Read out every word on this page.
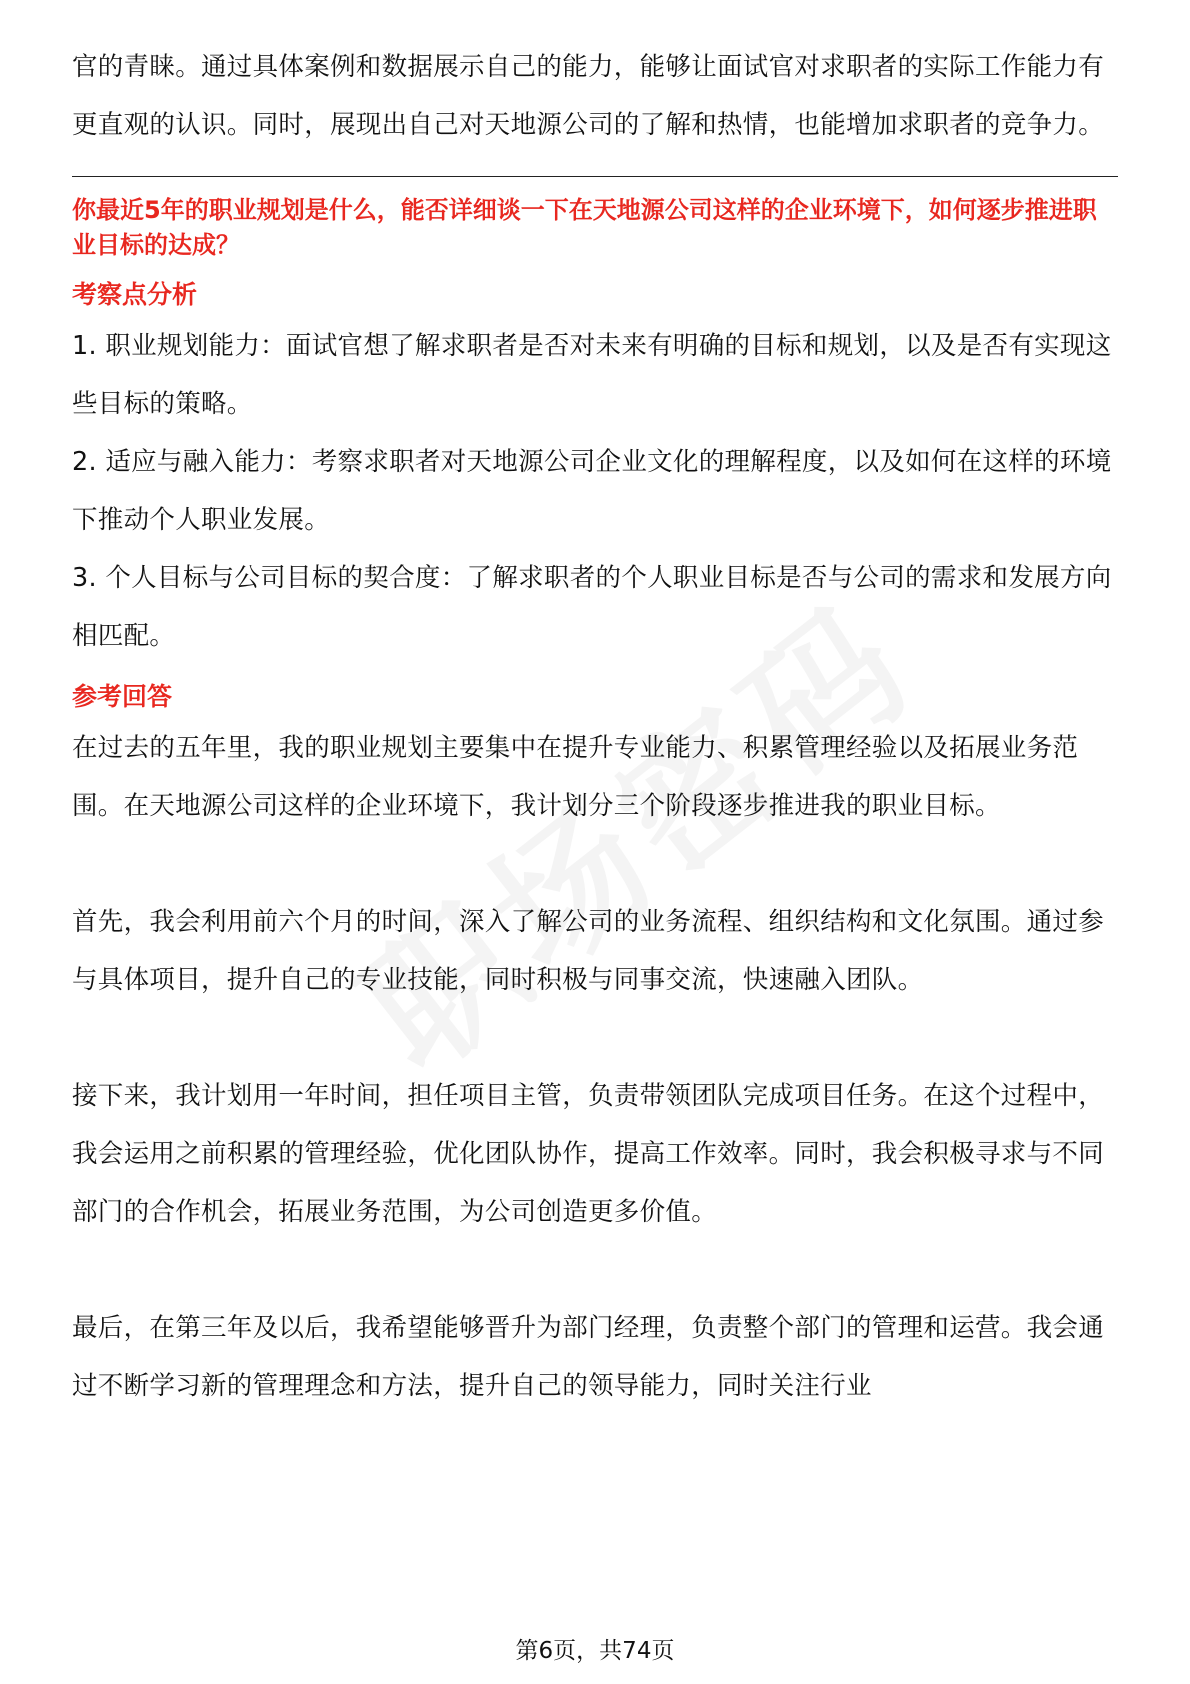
官的青睐。通过具体案例和数据展示自己的能力，能够让面试官对求职者的实际工作能力有更直观的认识。同时，展现出自己对天地源公司的了解和热情，也能增加求职者的竞争力。

你最近5年的职业规划是什么，能否详细谈一下在天地源公司这样的企业环境下，如何逐步推进职业目标的达成？

考察点分析

1. 职业规划能力：面试官想了解求职者是否对未来有明确的目标和规划，以及是否有实现这些目标的策略。

2. 适应与融入能力：考察求职者对天地源公司企业文化的理解程度，以及如何在这样的环境下推动个人职业发展。

3. 个人目标与公司目标的契合度：了解求职者的个人职业目标是否与公司的需求和发展方向相匹配。

参考回答

在过去的五年里，我的职业规划主要集中在提升专业能力、积累管理经验以及拓展业务范围。在天地源公司这样的企业环境下，我计划分三个阶段逐步推进我的职业目标。

首先，我会利用前六个月的时间，深入了解公司的业务流程、组织结构和文化氛围。通过参与具体项目，提升自己的专业技能，同时积极与同事交流，快速融入团队。

接下来，我计划用一年时间，担任项目主管，负责带领团队完成项目任务。在这个过程中，我会运用之前积累的管理经验，优化团队协作，提高工作效率。同时，我会积极寻求与不同部门的合作机会，拓展业务范围，为公司创造更多价值。

最后，在第三年及以后，我希望能够晋升为部门经理，负责整个部门的管理和运营。我会通过不断学习新的管理理念和方法，提升自己的领导能力，同时关注行业

第6页，共74页
